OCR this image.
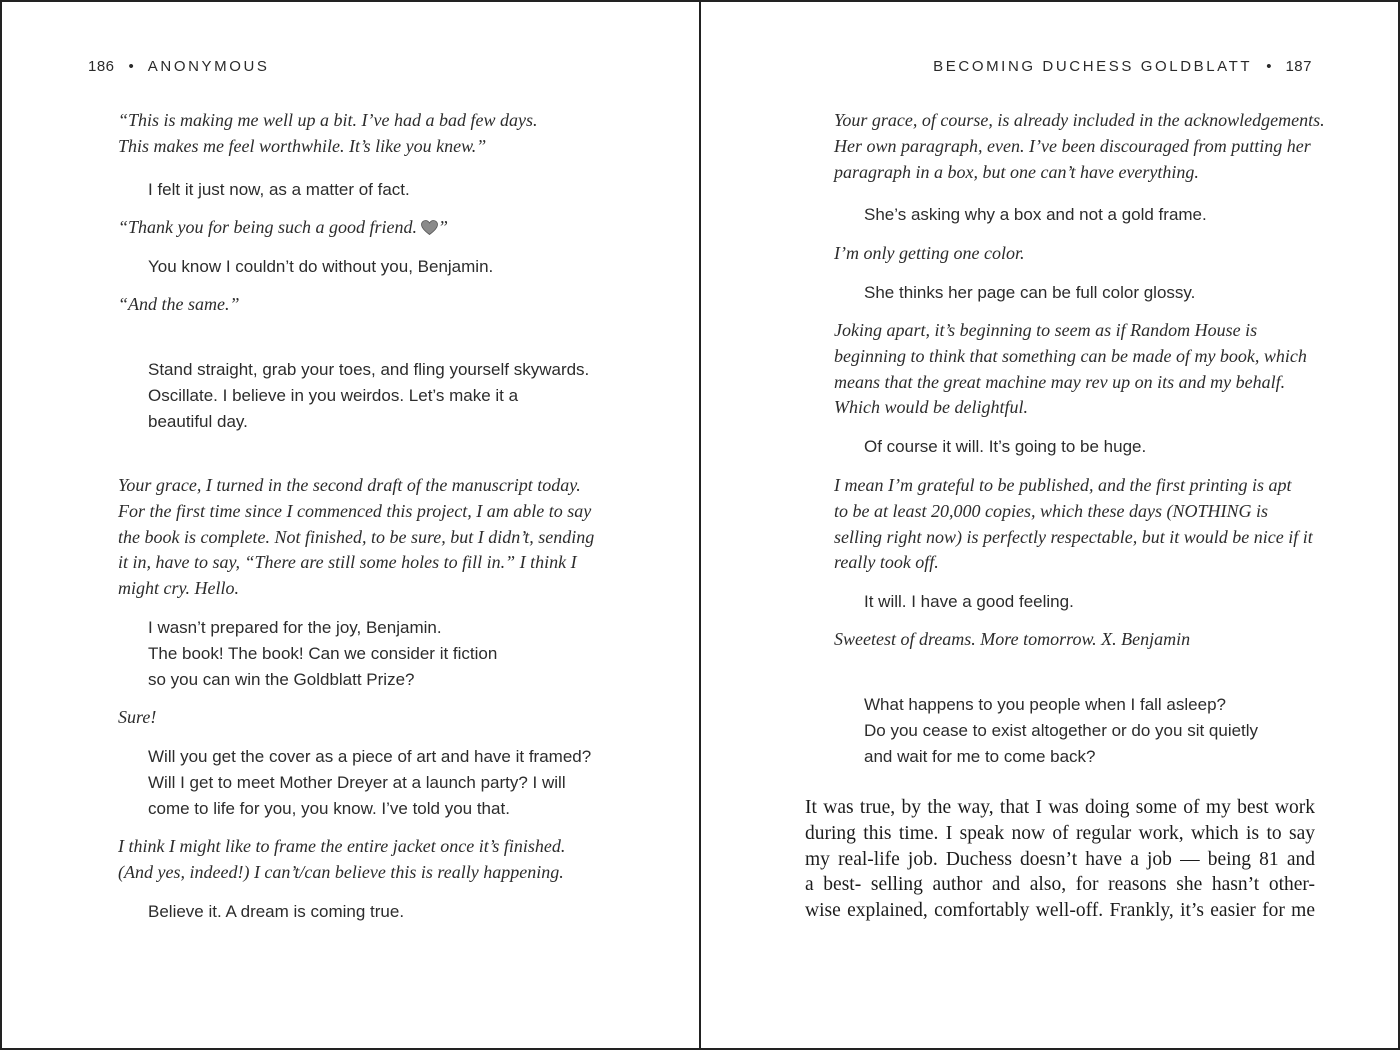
186 • ANONYMOUS
“This is making me well up a bit. I’ve had a bad few days.
This makes me feel worthwhile. It’s like you knew.”
I felt it just now, as a matter of fact.
“Thank you for being such a good friend. ”
You know I couldn’t do without you, Benjamin.
“And the same.”
Stand straight, grab your toes, and fling yourself skywards.
Oscillate. I believe in you weirdos. Let’s make it a
beautiful day.
Your grace, I turned in the second draft of the manuscript today.
For the first time since I commenced this project, I am able to say
the book is complete. Not finished, to be sure, but I didn’t, sending
it in, have to say, “There are still some holes to fill in.” I think I
might cry. Hello.
I wasn’t prepared for the joy, Benjamin.
The book! The book! Can we consider it fiction
so you can win the Goldblatt Prize?
Sure!
Will you get the cover as a piece of art and have it framed?
Will I get to meet Mother Dreyer at a launch party? I will
come to life for you, you know. I’ve told you that.
I think I might like to frame the entire jacket once it’s finished.
(And yes, indeed!) I can’t/can believe this is really happening.
Believe it. A dream is coming true.
BECOMING DUCHESS GOLDBLATT • 187
Your grace, of course, is already included in the acknowledgements.
Her own paragraph, even. I’ve been discouraged from putting her
paragraph in a box, but one can’t have everything.
She’s asking why a box and not a gold frame.
I’m only getting one color.
She thinks her page can be full color glossy.
Joking apart, it’s beginning to seem as if Random House is
beginning to think that something can be made of my book, which
means that the great machine may rev up on its and my behalf.
Which would be delightful.
Of course it will. It’s going to be huge.
I mean I’m grateful to be published, and the first printing is apt
to be at least 20,000 copies, which these days (NOTHING is
selling right now) is perfectly respectable, but it would be nice if it
really took off.
It will. I have a good feeling.
Sweetest of dreams. More tomorrow. X. Benjamin
What happens to you people when I fall asleep?
Do you cease to exist altogether or do you sit quietly
and wait for me to come back?
It was true, by the way, that I was doing some of my best work
during this time. I speak now of regular work, which is to say
my real-life job. Duchess doesn’t have a job — being 81 and
a best- selling author and also, for reasons she hasn’t other-
wise explained, comfortably well-off. Frankly, it’s easier for me
